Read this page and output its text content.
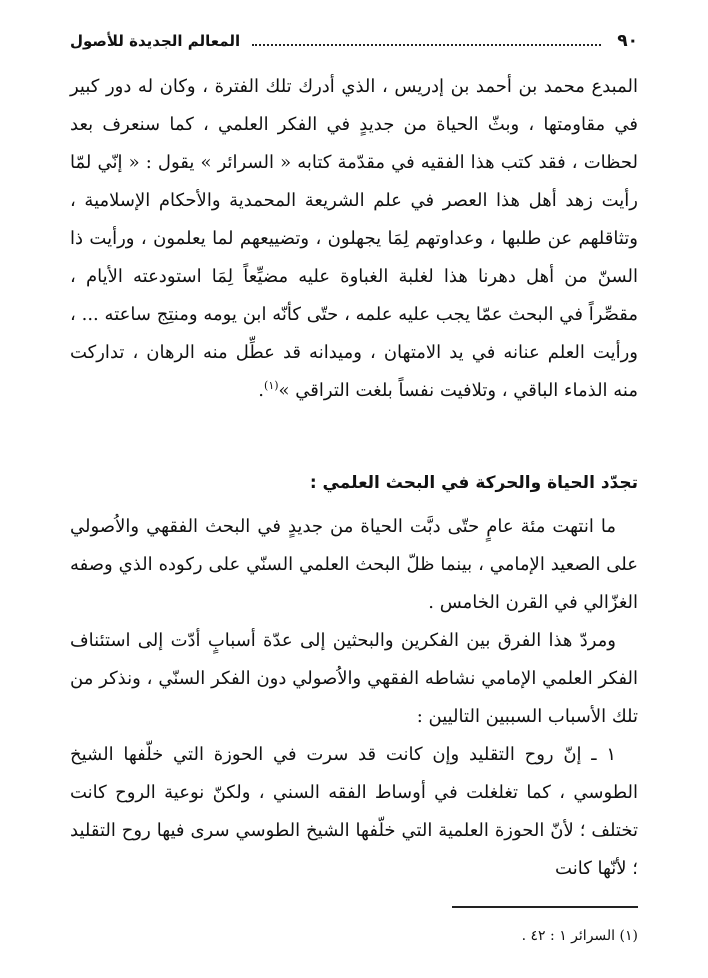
٩٠
المعالم الجديدة للأصول

المبدع محمد بن أحمد بن إدريس ، الذي أدرك تلك الفترة ، وكان له دور كبير في مقاومتها ، وبثّ الحياة من جديدٍ في الفكر العلمي ، كما سنعرف بعد لحظات ، فقد كتب هذا الفقيه في مقدّمة كتابه « السرائر » يقول : « إنّي لمّا رأيت زهد أهل هذا العصر في علم الشريعة المحمدية والأحكام الإسلامية ، وتثاقلهم عن طلبها ، وعداوتهم لِمَا يجهلون ، وتضييعهم لما يعلمون ، ورأيت ذا السنّ من أهل دهرنا هذا لغلبة الغباوة عليه مضيِّعاً لِمَا استودعته الأيام ، مقصِّراً في البحث عمّا يجب عليه علمه ، حتّى كأنّه ابن يومه ومنتِج ساعته ... ، ورأيت العلم عنانه في يد الامتهان ، وميدانه قد عطِّل منه الرهان ، تداركت منه الذماء الباقي ، وتلافيت نفساً بلغت التراقي »$^{(١)}$.

تجدّد الحياة والحركة في البحث العلمي :

ما انتهت مئة عامٍ حتّى دبَّت الحياة من جديدٍ في البحث الفقهي والاُصولي على الصعيد الإمامي ، بينما ظلّ البحث العلمي السنّي على ركوده الذي وصفه الغزّالي في القرن الخامس .

ومردّ هذا الفرق بين الفكرين والبحثين إلى عدّة أسبابٍ أدّت إلى استئناف الفكر العلمي الإمامي نشاطه الفقهي والاُصولي دون الفكر السنّي ، ونذكر من تلك الأسباب السببين التاليين :

١ ـ إنّ روح التقليد وإن كانت قد سرت في الحوزة التي خلّفها الشيخ الطوسي ، كما تغلغلت في أوساط الفقه السني ، ولكنّ نوعية الروح كانت تختلف ؛ لأنّ الحوزة العلمية التي خلّفها الشيخ الطوسي سرى فيها روح التقليد ؛ لأنّها كانت

(١) السرائر ١ : ٤٢ .
